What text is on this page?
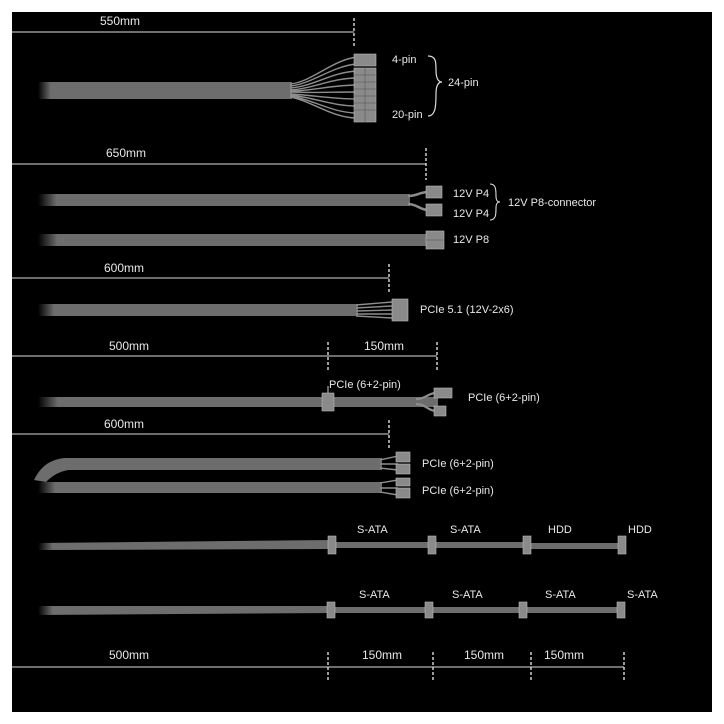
550mm
4-pin
24-pin
20-pin
650mm
12V P4
12V P8-connector
12V P4
12V P8
600mm
PCIe 5.1 (12V-2x6)
500mm	150mm
PCIe (6+2-pin)
PCIe (6+2-pin)
600mm
PCIe (6+2-pin)
PCIe (6+2-pin)
S-ATA	S-ATA	HDD	HDD
S-ATA	S-ATA	S-ATA	S-ATA
500mm	150mm	150mm	150mm
